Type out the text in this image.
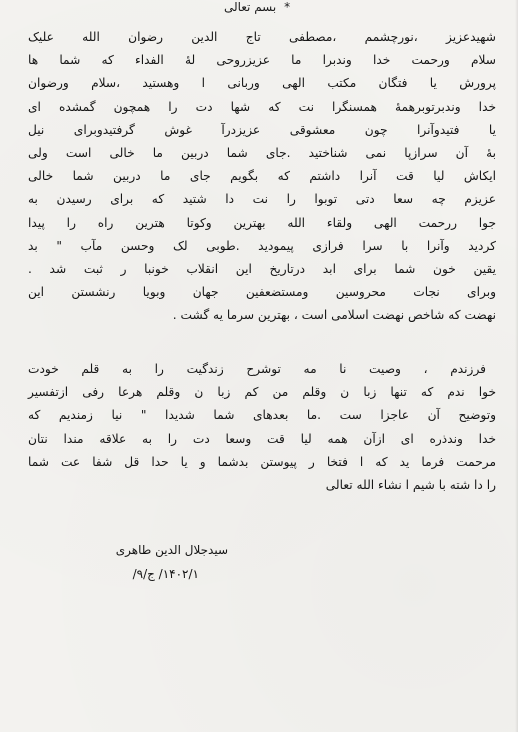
* بسم تعالی
شهیدعزیز ،نورچشمم ،مصطفی تاج الدین رضوان الله علیک
سلام ورحمت خدا وندبرا ما عزیزروحی لهٔ الفداء که شما ها
پرورش یا فتگان مکتب الهی وربانی ا وهستید ،سلام ورضوان
خدا وندبرتوبرهمهٔ همسنگرا نت که شها دت را همچون گمشده ای
یا فتیدوآنرا چون معشوقی عزیزدرآ غوش گرفتیدوبرای نیل
بهٔ آن سرازپا نمی شناختید .جای شما دربین ما خالی است ولی
ایکاش لیا قت آنرا داشتم که بگویم جای ما دربین شما خالی
عزیزم چه سعا دتی توبوا را نت دا شتید که برای رسیدن به
جوا ررحمت الهی ولقاء الله بهترین وکوتا هترین راه را پیدا
کردید وآنرا با سرا فرازی پیمودید .طوبی لک وحسن مآب " بد
یقین خون شما برای ابد درتاریخ این انقلاب خونبا ر ثبت شد .
وبرای نجات محروسین ومستضعفین جهان وبویا رنشستن این
نهضت که شاخص نهضت اسلامی است ، بهترین سرما یه گشت .
فرزندم ، وصیت نا مه توشرح زندگیت را به قلم خودت
خوا ندم که تنها زبا ن وقلم من کم زبا ن وقلم هرعا رفی ازتفسیر
وتوضیح آن عاجزا ست .ما بعدهای شما شدیدا " نیا زمندیم که
خدا وندذره ای ازآن همه لیا قت وسعا دت را به علاقه مندا نتان
مرحمت فرما ید که ا فتخا ر پیوستن بدشما و یا حدا قل شفا عت شما
را دا شته با شیم ا نشاء الله تعالی
سیدجلال الدین طاهری
۱۴۰۲/۱/ ج/۹/
